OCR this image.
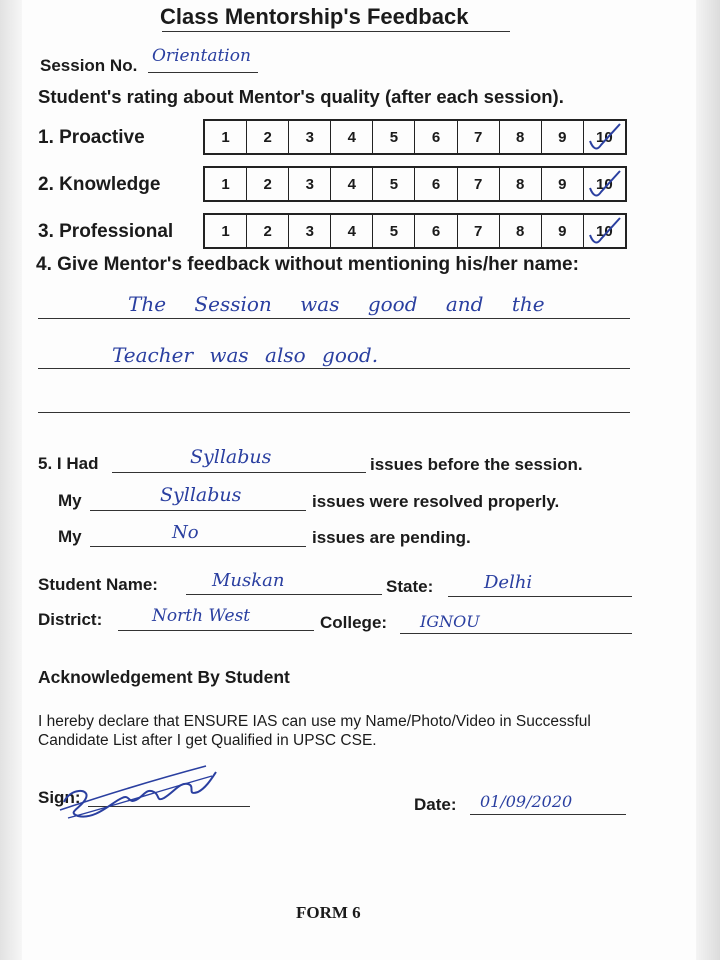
Class Mentorship's Feedback
Session No. Orientation
Student's rating about Mentor's quality (after each session).
1. Proactive	1 2 3 4 5 6 7 8 9 10
2. Knowledge	1 2 3 4 5 6 7 8 9 10
3. Professional	1 2 3 4 5 6 7 8 9 10
4. Give Mentor's feedback without mentioning his/her name:
The Session was good and the
Teacher was also good.
5. I Had	Syllabus	issues before the session.
My	Syllabus	issues were resolved properly.
My	No	issues are pending.
Student Name:	Muskan	State:	Delhi
District:	North West	College: IGNOU
Acknowledgement By Student
I hereby declare that ENSURE IAS can use my Name/Photo/Video in Successful
Candidate List after I get Qualified in UPSC CSE.
Sign:	Date: 01/09/2020
FORM 6
